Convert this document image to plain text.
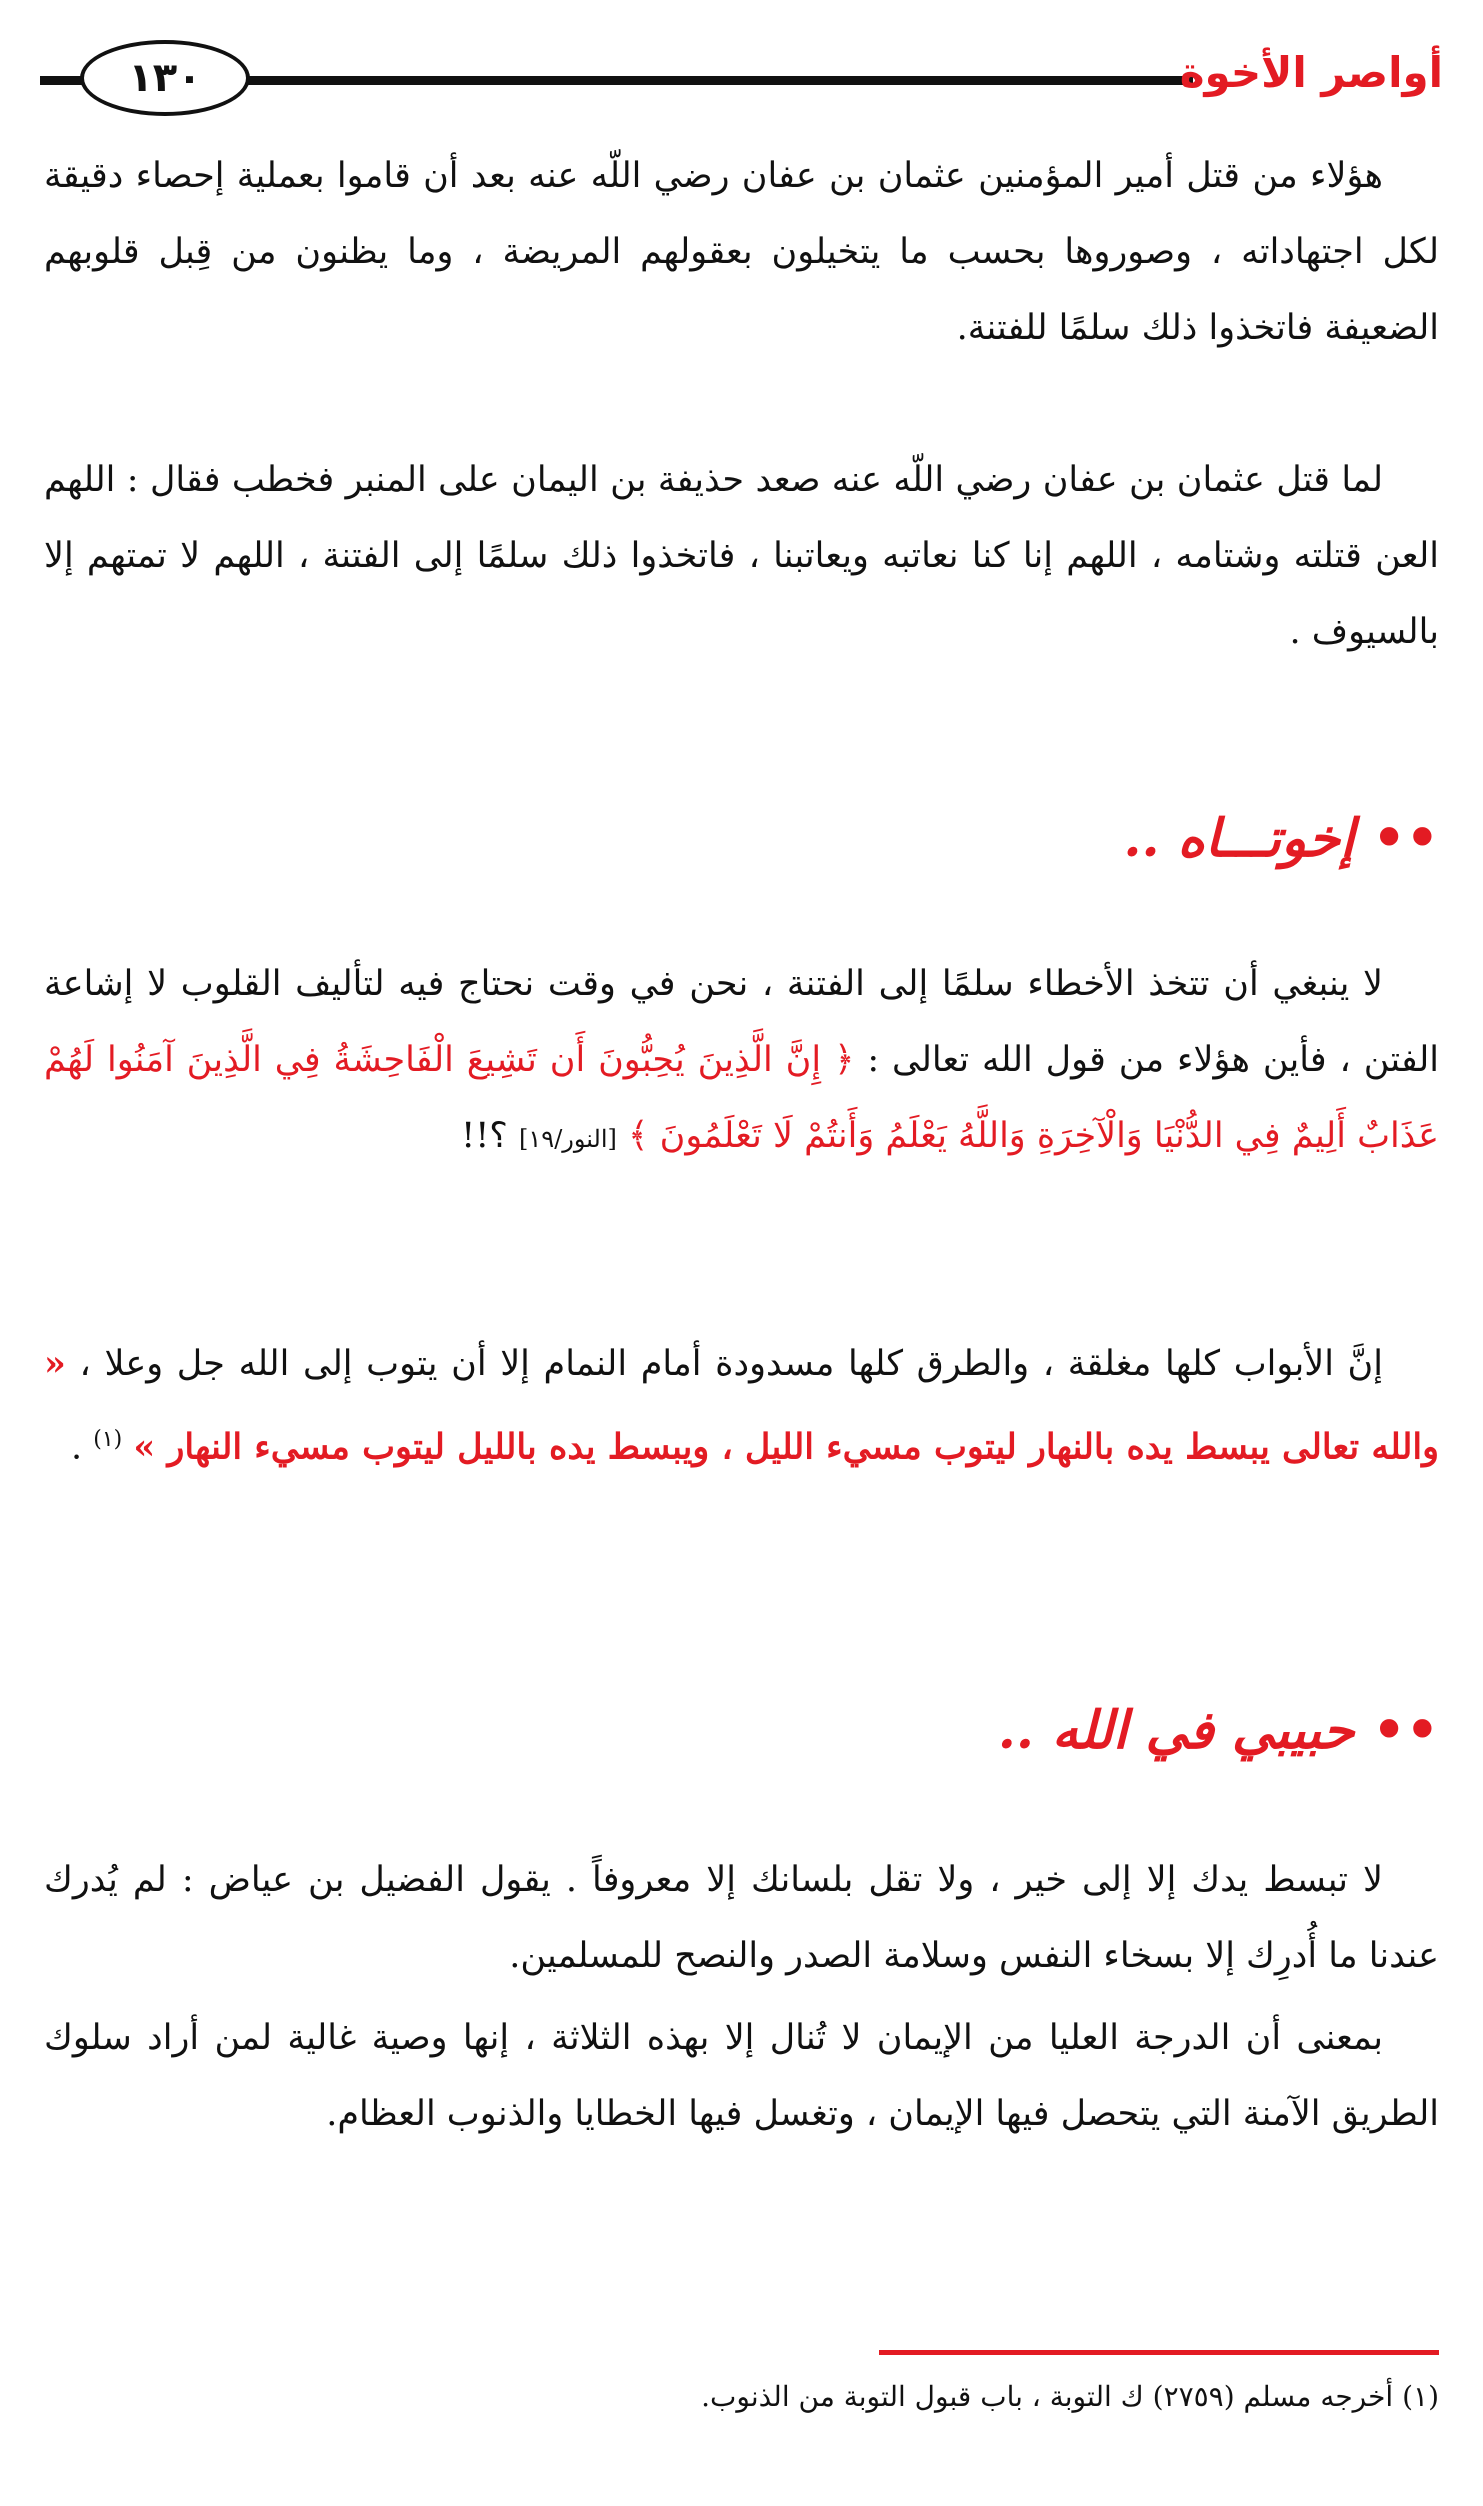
١٣٠	أواصر الأخوة
هؤلاء من قتل أمير المؤمنين عثمان بن عفان رضي اللّه عنه بعد أن قاموا بعملية إحصاء دقيقة لكل اجتهاداته ، وصوروها بحسب ما يتخيلون بعقولهم المريضة ، وما يظنون من قِبل قلوبهم الضعيفة فاتخذوا ذلك سلمًا للفتنة.
لما قتل عثمان بن عفان رضي اللّه عنه صعد حذيفة بن اليمان على المنبر فخطب فقال : اللهم العن قتلته وشتامه ، اللهم إنا كنا نعاتبه ويعاتبنا ، فاتخذوا ذلك سلمًا إلى الفتنة ، اللهم لا تمتهم إلا بالسيوف .
•• إخوتـــاه ..
لا ينبغي أن تتخذ الأخطاء سلمًا إلى الفتنة ، نحن في وقت نحتاج فيه لتأليف القلوب لا إشاعة الفتن ، فأين هؤلاء من قول الله تعالى : ﴿ إِنَّ الَّذِينَ يُحِبُّونَ أَن تَشِيعَ الْفَاحِشَةُ فِي الَّذِينَ آمَنُوا لَهُمْ عَذَابٌ أَلِيمٌ فِي الدُّنْيَا وَالْآخِرَةِ وَاللَّهُ يَعْلَمُ وَأَنتُمْ لَا تَعْلَمُونَ ﴾ [النور/١٩] ؟!!
إنَّ الأبواب كلها مغلقة ، والطرق كلها مسدودة أمام النمام إلا أن يتوب إلى الله جل وعلا ، « والله تعالى يبسط يده بالنهار ليتوب مسيء الليل ، ويبسط يده بالليل ليتوب مسيء النهار » $^{(١)}$ .
•• حبيبي في الله ..
لا تبسط يدك إلا إلى خير ، ولا تقل بلسانك إلا معروفاً . يقول الفضيل بن عياض : لم يُدرك عندنا ما أُدرِك إلا بسخاء النفس وسلامة الصدر والنصح للمسلمين.
بمعنى أن الدرجة العليا من الإيمان لا تُنال إلا بهذه الثلاثة ، إنها وصية غالية لمن أراد سلوك الطريق الآمنة التي يتحصل فيها الإيمان ، وتغسل فيها الخطايا والذنوب العظام.
(١) أخرجه مسلم (٢٧٥٩) ك التوبة ، باب قبول التوبة من الذنوب.
